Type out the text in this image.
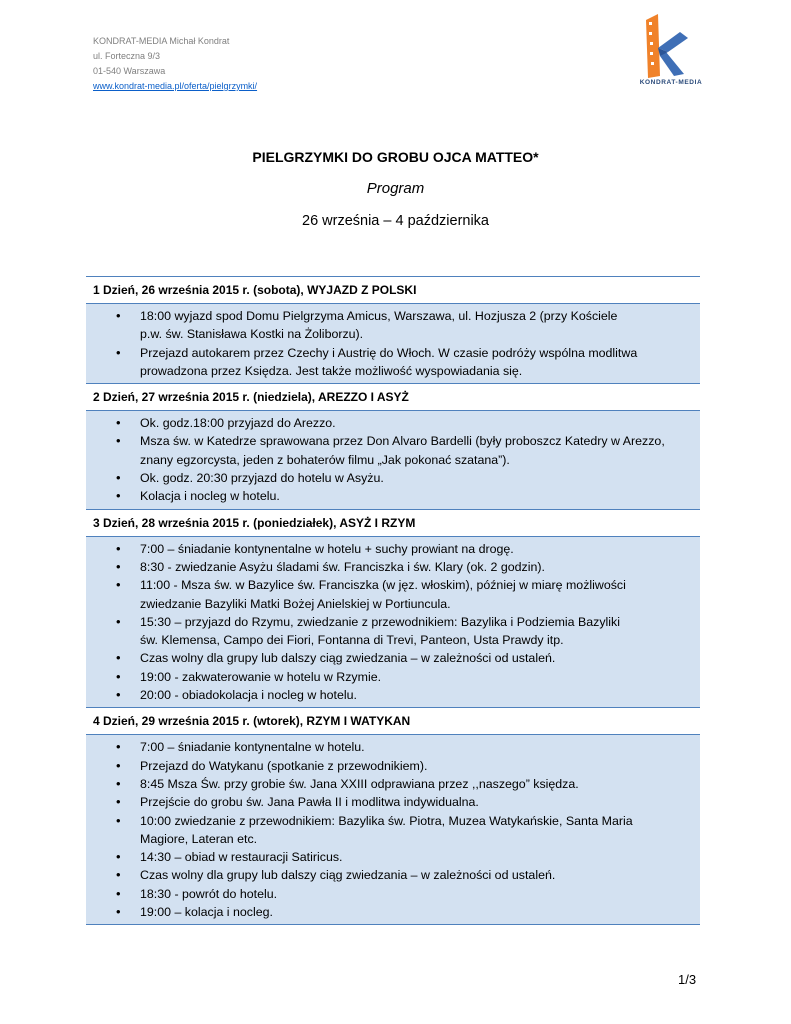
KONDRAT-MEDIA Michał Kondrat
ul. Forteczna 9/3
01-540 Warszawa
www.kondrat-media.pl/oferta/pielgrzymki/	KONDRAT-MEDIA
PIELGRZYMKI DO GROBU OJCA MATTEO*
Program
26 września – 4 października
1 Dzień, 26 września 2015 r. (sobota), WYJAZD Z POLSKI
• 18:00 wyjazd spod Domu Pielgrzyma Amicus, Warszawa, ul. Hozjusza 2 (przy Kościele
p.w. św. Stanisława Kostki na Żoliborzu).
• Przejazd autokarem przez Czechy i Austrię do Włoch. W czasie podróży wspólna modlitwa
prowadzona przez Księdza. Jest także możliwość wyspowiadania się.
2 Dzień, 27 września 2015 r. (niedziela), AREZZO I ASYŻ
• Ok. godz.18:00 przyjazd do Arezzo.
• Msza św. w Katedrze sprawowana przez Don Alvaro Bardelli (były proboszcz Katedry w Arezzo,
znany egzorcysta, jeden z bohaterów filmu „Jak pokonać szatana”).
• Ok. godz. 20:30 przyjazd do hotelu w Asyżu.
• Kolacja i nocleg w hotelu.
3 Dzień, 28 września 2015 r. (poniedziałek), ASYŻ I RZYM
• 7:00 – śniadanie kontynentalne w hotelu + suchy prowiant na drogę.
• 8:30 - zwiedzanie Asyżu śladami św. Franciszka i św. Klary (ok. 2 godzin).
• 11:00 - Msza św. w Bazylice św. Franciszka (w jęz. włoskim), później w miarę możliwości
zwiedzanie Bazyliki Matki Bożej Anielskiej w Portiuncula.
• 15:30 – przyjazd do Rzymu, zwiedzanie z przewodnikiem: Bazylika i Podziemia Bazyliki
św. Klemensa, Campo dei Fiori, Fontanna di Trevi, Panteon, Usta Prawdy itp.
• Czas wolny dla grupy lub dalszy ciąg zwiedzania – w zależności od ustaleń.
• 19:00 - zakwaterowanie w hotelu w Rzymie.
• 20:00 - obiadokolacja i nocleg w hotelu.
4 Dzień, 29 września 2015 r. (wtorek), RZYM I WATYKAN
• 7:00 – śniadanie kontynentalne w hotelu.
• Przejazd do Watykanu (spotkanie z przewodnikiem).
• 8:45 Msza Św. przy grobie św. Jana XXIII odprawiana przez ,,naszego” księdza.
• Przejście do grobu św. Jana Pawła II i modlitwa indywidualna.
• 10:00 zwiedzanie z przewodnikiem: Bazylika św. Piotra, Muzea Watykańskie, Santa Maria
Magiore, Lateran etc.
• 14:30 – obiad w restauracji Satiricus.
• Czas wolny dla grupy lub dalszy ciąg zwiedzania – w zależności od ustaleń.
• 18:30 - powrót do hotelu.
• 19:00 – kolacja i nocleg.
1/3
